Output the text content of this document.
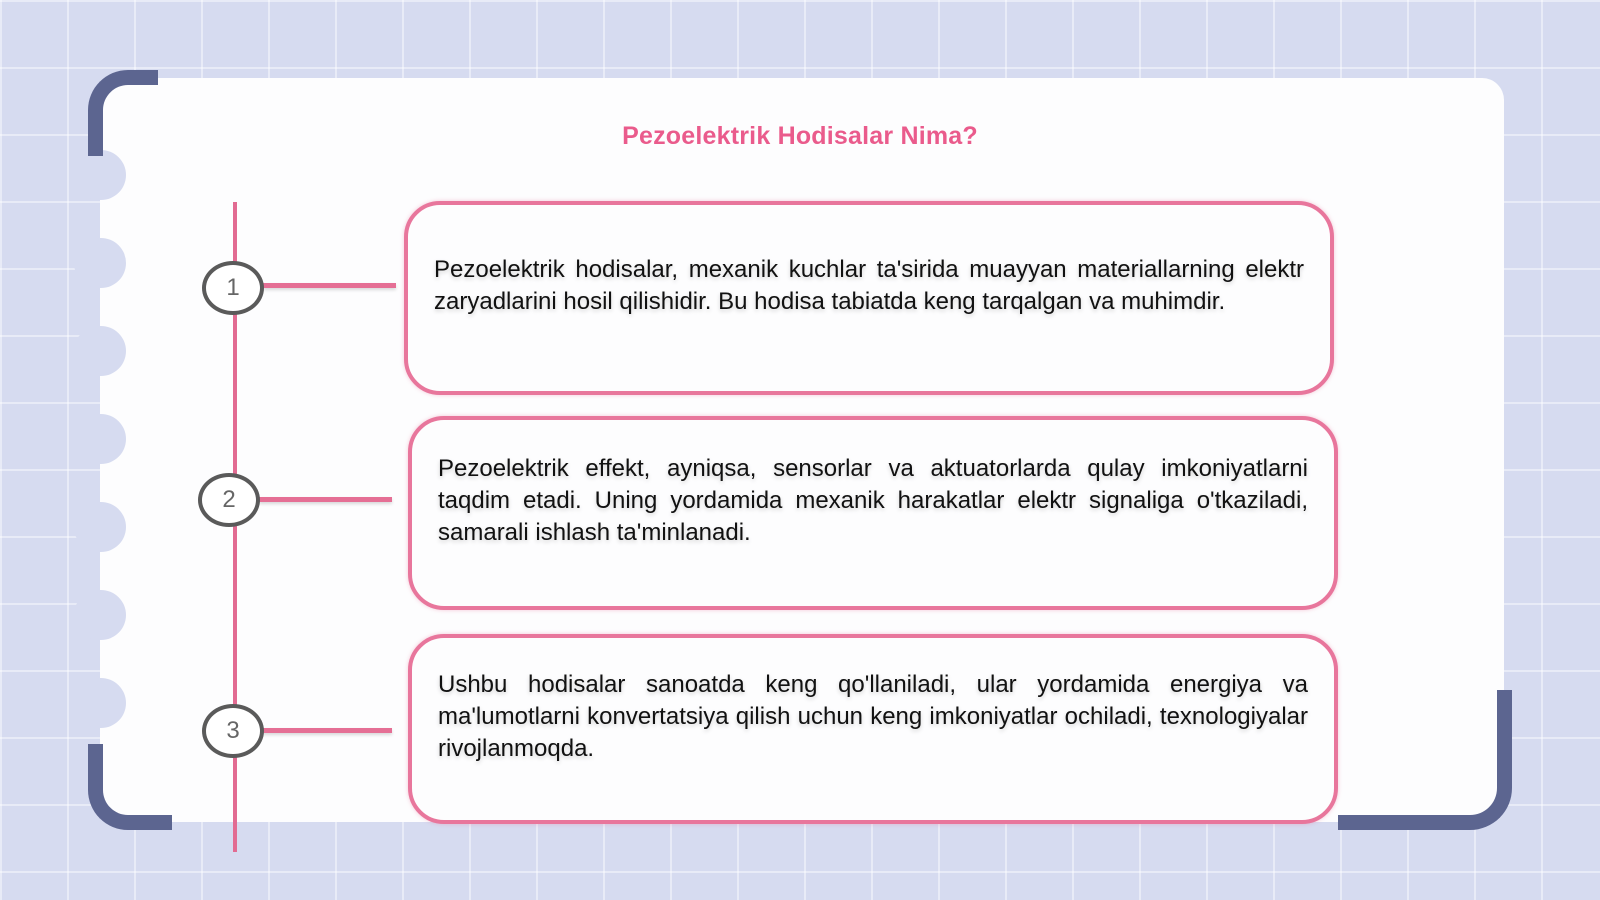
Pezoelektrik Hodisalar Nima?
1
2
3

Pezoelektrik hodisalar, mexanik kuchlar ta'sirida muayyan materiallarning elektr zaryadlarini hosil qilishidir. Bu hodisa tabiatda keng tarqalgan va muhimdir.

Pezoelektrik effekt, ayniqsa, sensorlar va aktuatorlarda qulay imkoniyatlarni taqdim etadi. Uning yordamida mexanik harakatlar elektr signaliga o'tkaziladi, samarali ishlash ta'minlanadi.

Ushbu hodisalar sanoatda keng qo'llaniladi, ular yordamida energiya va ma'lumotlarni konvertatsiya qilish uchun keng imkoniyatlar ochiladi, texnologiyalar rivojlanmoqda.
